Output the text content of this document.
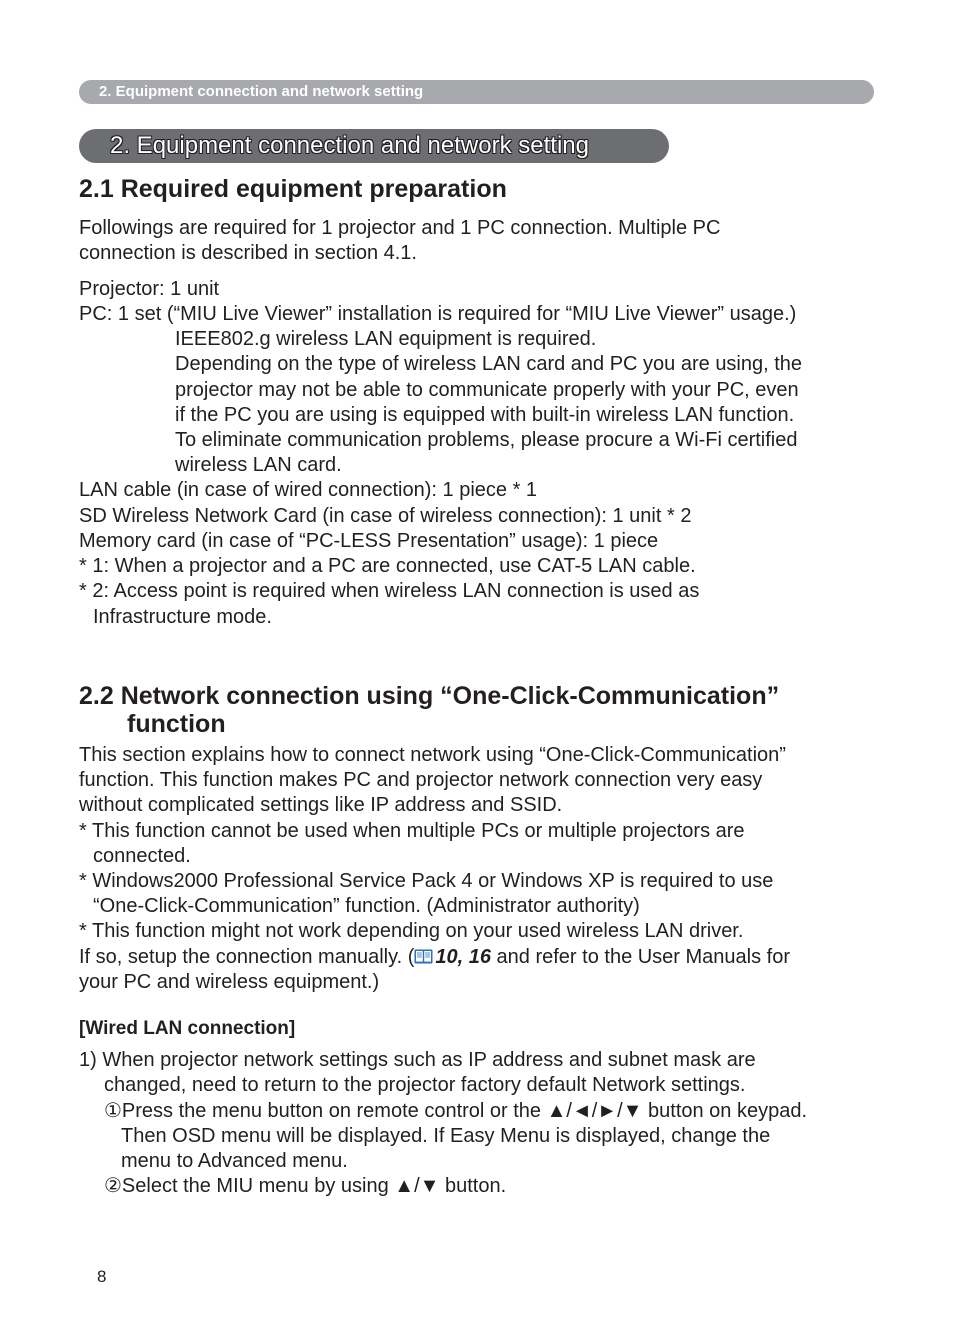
2. Equipment connection and network setting
2. Equipment connection and network setting
2.1 Required equipment preparation
Followings are required for 1 projector and 1 PC connection. Multiple PC
connection is described in section 4.1.
Projector: 1 unit
PC: 1 set (“MIU Live Viewer” installation is required for “MIU Live Viewer” usage.)
IEEE802.g wireless LAN equipment is required.
Depending on the type of wireless LAN card and PC you are using, the
projector may not be able to communicate properly with your PC, even
if the PC you are using is equipped with built-in wireless LAN function.
To eliminate communication problems, please procure a Wi-Fi certified
wireless LAN card.
LAN cable (in case of wired connection): 1 piece * 1
SD Wireless Network Card (in case of wireless connection): 1 unit * 2
Memory card (in case of “PC-LESS Presentation” usage): 1 piece
* 1: When a projector and a PC are connected, use CAT-5 LAN cable.
* 2: Access point is required when wireless LAN connection is used as
Infrastructure mode.
2.2 Network connection using “One-Click-Communication”
function
This section explains how to connect network using “One-Click-Communication”
function. This function makes PC and projector network connection very easy
without complicated settings like IP address and SSID.
* This function cannot be used when multiple PCs or multiple projectors are
connected.
* Windows2000 Professional Service Pack 4 or Windows XP is required to use
“One-Click-Communication” function. (Administrator authority)
* This function might not work depending on your used wireless LAN driver.
If so, setup the connection manually. ( 10, 16 and refer to the User Manuals for
your PC and wireless equipment.)
[Wired LAN connection]
1) When projector network settings such as IP address and subnet mask are
changed, need to return to the projector factory default Network settings.
①Press the menu button on remote control or the ▲/◄/►/▼ button on keypad.
Then OSD menu will be displayed. If Easy Menu is displayed, change the
menu to Advanced menu.
②Select the MIU menu by using ▲/▼ button.
8
